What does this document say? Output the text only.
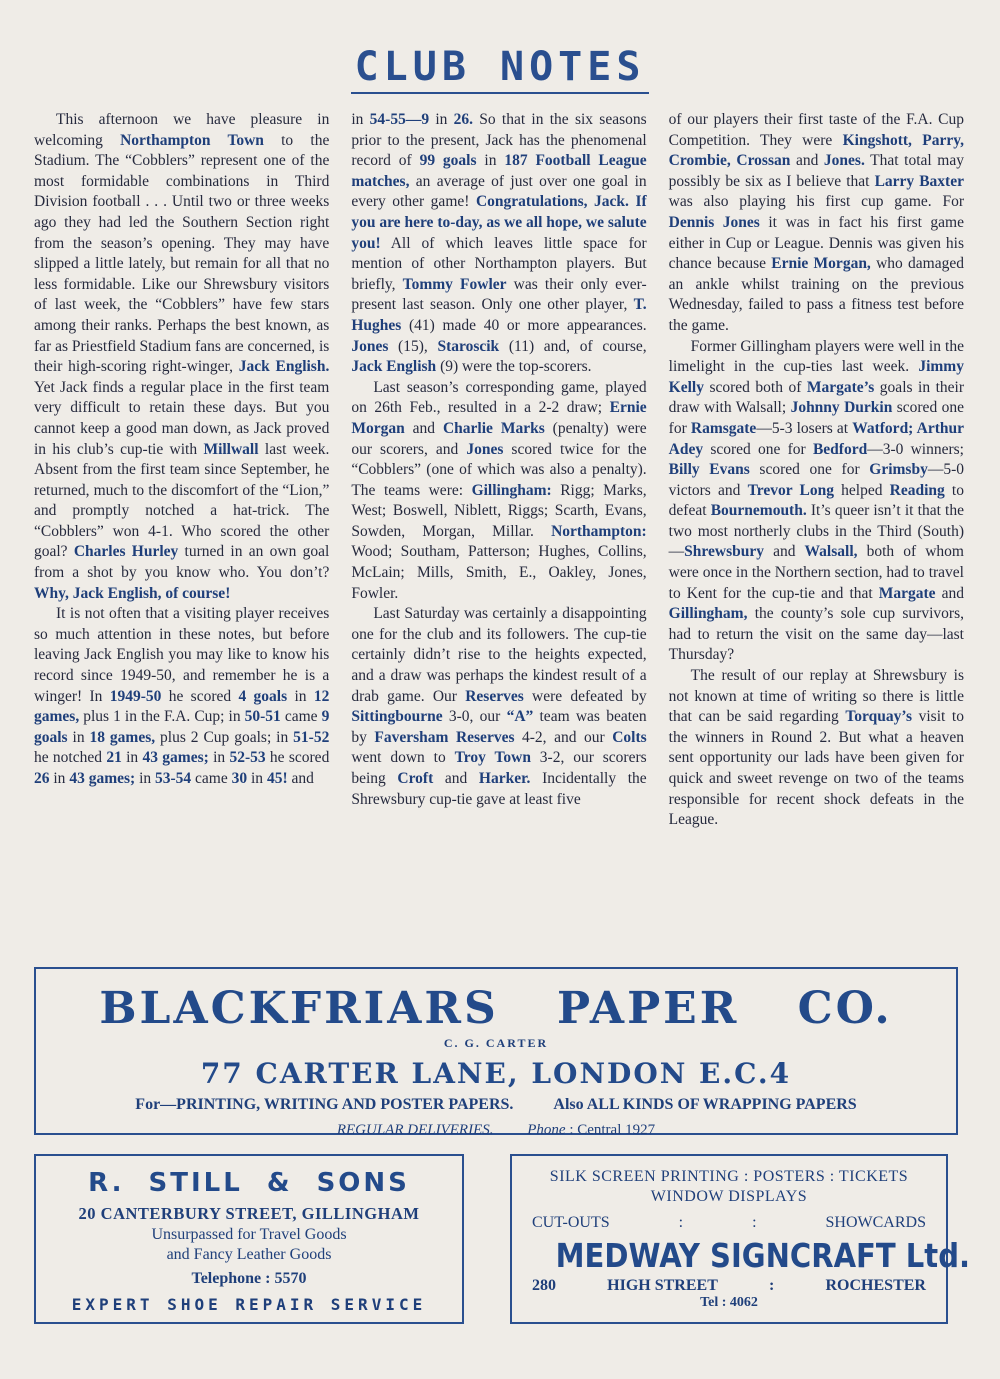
CLUB NOTES

This afternoon we have pleasure in welcoming Northampton Town to the Stadium. The “Cobblers” represent one of the most formidable combinations in Third Division football . . . Until two or three weeks ago they had led the Southern Section right from the season’s opening. They may have slipped a little lately, but remain for all that no less formidable. Like our Shrewsbury visitors of last week, the “Cobblers” have few stars among their ranks. Perhaps the best known, as far as Priestfield Stadium fans are concerned, is their high-scoring right-winger, Jack English. Yet Jack finds a regular place in the first team very difficult to retain these days. But you cannot keep a good man down, as Jack proved in his club’s cup-tie with Millwall last week. Absent from the first team since September, he returned, much to the discomfort of the “Lion,” and promptly notched a hat-trick. The “Cobblers” won 4-1. Who scored the other goal? Charles Hurley turned in an own goal from a shot by you know who. You don’t? Why, Jack English, of course!

It is not often that a visiting player receives so much attention in these notes, but before leaving Jack English you may like to know his record since 1949-50, and remember he is a winger! In 1949-50 he scored 4 goals in 12 games, plus 1 in the F.A. Cup; in 50-51 came 9 goals in 18 games, plus 2 Cup goals; in 51-52 he notched 21 in 43 games; in 52-53 he scored 26 in 43 games; in 53-54 came 30 in 45! and

in 54-55—9 in 26. So that in the six seasons prior to the present, Jack has the phenomenal record of 99 goals in 187 Football League matches, an average of just over one goal in every other game! Congratulations, Jack. If you are here to-day, as we all hope, we salute you! All of which leaves little space for mention of other Northampton players. But briefly, Tommy Fowler was their only ever-present last season. Only one other player, T. Hughes (41) made 40 or more appearances. Jones (15), Staroscik (11) and, of course, Jack English (9) were the top-scorers.

Last season’s corresponding game, played on 26th Feb., resulted in a 2-2 draw; Ernie Morgan and Charlie Marks (penalty) were our scorers, and Jones scored twice for the “Cobblers” (one of which was also a penalty). The teams were: Gillingham: Rigg; Marks, West; Boswell, Niblett, Riggs; Scarth, Evans, Sowden, Morgan, Millar. Northampton: Wood; Southam, Patterson; Hughes, Collins, McLain; Mills, Smith, E., Oakley, Jones, Fowler.

Last Saturday was certainly a disappointing one for the club and its followers. The cup-tie certainly didn’t rise to the heights expected, and a draw was perhaps the kindest result of a drab game. Our Reserves were defeated by Sittingbourne 3-0, our “A” team was beaten by Faversham Reserves 4-2, and our Colts went down to Troy Town 3-2, our scorers being Croft and Harker. Incidentally the Shrewsbury cup-tie gave at least five

of our players their first taste of the F.A. Cup Competition. They were Kingshott, Parry, Crombie, Crossan and Jones. That total may possibly be six as I believe that Larry Baxter was also playing his first cup game. For Dennis Jones it was in fact his first game either in Cup or League. Dennis was given his chance because Ernie Morgan, who damaged an ankle whilst training on the previous Wednesday, failed to pass a fitness test before the game.

Former Gillingham players were well in the limelight in the cup-ties last week. Jimmy Kelly scored both of Margate’s goals in their draw with Walsall; Johnny Durkin scored one for Ramsgate—5-3 losers at Watford; Arthur Adey scored one for Bedford—3-0 winners; Billy Evans scored one for Grimsby—5-0 victors and Trevor Long helped Reading to defeat Bournemouth. It’s queer isn’t it that the two most northerly clubs in the Third (South)—Shrewsbury and Walsall, both of whom were once in the Northern section, had to travel to Kent for the cup-tie and that Margate and Gillingham, the county’s sole cup survivors, had to return the visit on the same day—last Thursday?

The result of our replay at Shrewsbury is not known at time of writing so there is little that can be said regarding Torquay’s visit to the winners in Round 2. But what a heaven sent opportunity our lads have been given for quick and sweet revenge on two of the teams responsible for recent shock defeats in the League.

BLACKFRIARS PAPER CO.
C. G. CARTER
77 CARTER LANE, LONDON E.C.4
For—PRINTING, WRITING AND POSTER PAPERS.	Also ALL KINDS OF WRAPPING PAPERS
REGULAR DELIVERIES. Phone : Central 1927
R. STILL & SONS
20 CANTERBURY STREET, GILLINGHAM
Unsurpassed for Travel Goods
and Fancy Leather Goods
Telephone : 5570
EXPERT SHOE REPAIR SERVICE
SILK SCREEN PRINTING : POSTERS : TICKETS
WINDOW DISPLAYS
CUT-OUTS	:	:	SHOWCARDS
MEDWAY SIGNCRAFT Ltd.
280	HIGH STREET	:	ROCHESTER
Tel : 4062
